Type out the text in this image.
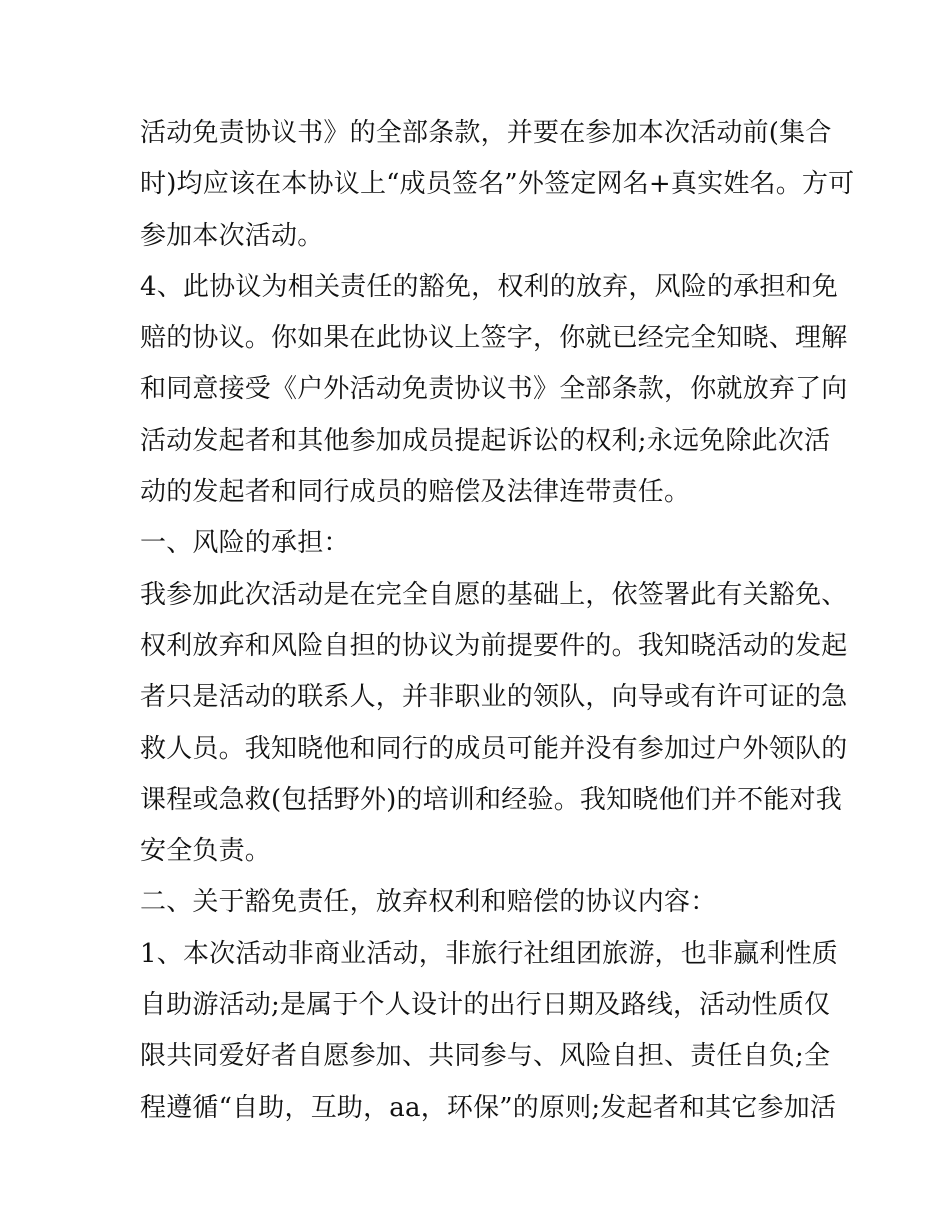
活动免责协议书》的全部条款，并要在参加本次活动前(集合
时)均应该在本协议上“成员签名”外签定网名+真实姓名。方可
参加本次活动。
4、此协议为相关责任的豁免，权利的放弃，风险的承担和免
赔的协议。你如果在此协议上签字，你就已经完全知晓、理解
和同意接受《户外活动免责协议书》全部条款，你就放弃了向
活动发起者和其他参加成员提起诉讼的权利;永远免除此次活
动的发起者和同行成员的赔偿及法律连带责任。
一、风险的承担：
我参加此次活动是在完全自愿的基础上，依签署此有关豁免、
权利放弃和风险自担的协议为前提要件的。我知晓活动的发起
者只是活动的联系人，并非职业的领队，向导或有许可证的急
救人员。我知晓他和同行的成员可能并没有参加过户外领队的
课程或急救(包括野外)的培训和经验。我知晓他们并不能对我
安全负责。
二、关于豁免责任，放弃权利和赔偿的协议内容：
1、本次活动非商业活动，非旅行社组团旅游，也非赢利性质
自助游活动;是属于个人设计的出行日期及路线，活动性质仅
限共同爱好者自愿参加、共同参与、风险自担、责任自负;全
程遵循“自助，互助，aa，环保”的原则;发起者和其它参加活
